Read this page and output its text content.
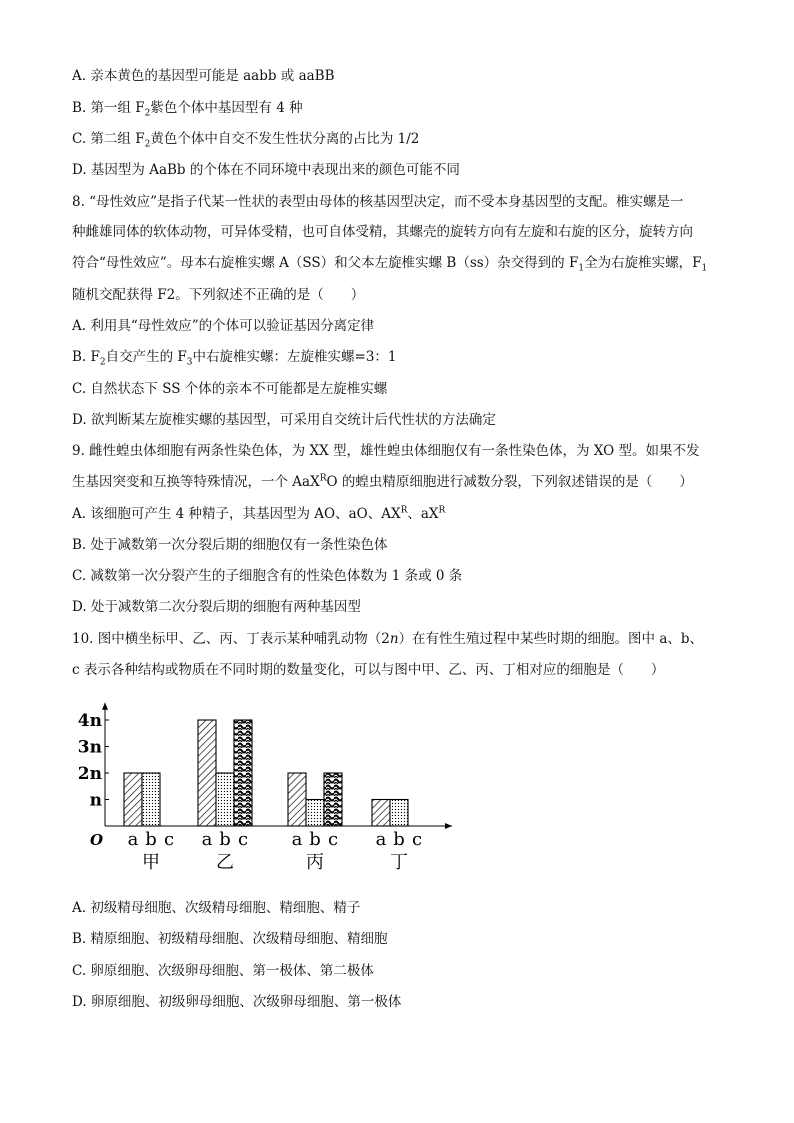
A. 亲本黄色的基因型可能是 aabb 或 aaBB
B. 第一组 $F_2$紫色个体中基因型有 4 种
C. 第二组 $F_2$黄色个体中自交不发生性状分离的占比为 1/2
D. 基因型为 AaBb 的个体在不同环境中表现出来的颜色可能不同
8. “母性效应”是指子代某一性状的表型由母体的核基因型决定，而不受本身基因型的支配。椎实螺是一
种雌雄同体的软体动物，可异体受精，也可自体受精，其螺壳的旋转方向有左旋和右旋的区分，旋转方向
符合“母性效应”。母本右旋椎实螺 A（SS）和父本左旋椎实螺 B（ss）杂交得到的 $F_1$全为右旋椎实螺，$F_1$
随机交配获得 F2。下列叙述不正确的是（　　）
A. 利用具“母性效应”的个体可以验证基因分离定律
B. $F_2$自交产生的 $F_3$中右旋椎实螺：左旋椎实螺=3：1
C. 自然状态下 SS 个体的亲本不可能都是左旋椎实螺
D. 欲判断某左旋椎实螺的基因型，可采用自交统计后代性状的方法确定
9. 雌性蝗虫体细胞有两条性染色体，为 XX 型，雄性蝗虫体细胞仅有一条性染色体，为 XO 型。如果不发
生基因突变和互换等特殊情况，一个 AaX$^R$O 的蝗虫精原细胞进行减数分裂，下列叙述错误的是（　　）
A. 该细胞可产生 4 种精子，其基因型为 AO、aO、$AX^R$、$aX^R$
B. 处于减数第一次分裂后期的细胞仅有一条性染色体
C. 减数第一次分裂产生的子细胞含有的性染色体数为 1 条或 0 条
D. 处于减数第二次分裂后期的细胞有两种基因型
10. 图中横坐标甲、乙、丙、丁表示某种哺乳动物（2n）在有性生殖过程中某些时期的细胞。图中 a、b、
c 表示各种结构或物质在不同时期的数量变化，可以与图中甲、乙、丙、丁相对应的细胞是（　　）
n
2n
3n
4n
O a b c
甲
a b c
乙
a b c
丙
a b c
丁
A. 初级精母细胞、次级精母细胞、精细胞、精子
B. 精原细胞、初级精母细胞、次级精母细胞、精细胞
C. 卵原细胞、次级卵母细胞、第一极体、第二极体
D. 卵原细胞、初级卵母细胞、次级卵母细胞、第一极体
